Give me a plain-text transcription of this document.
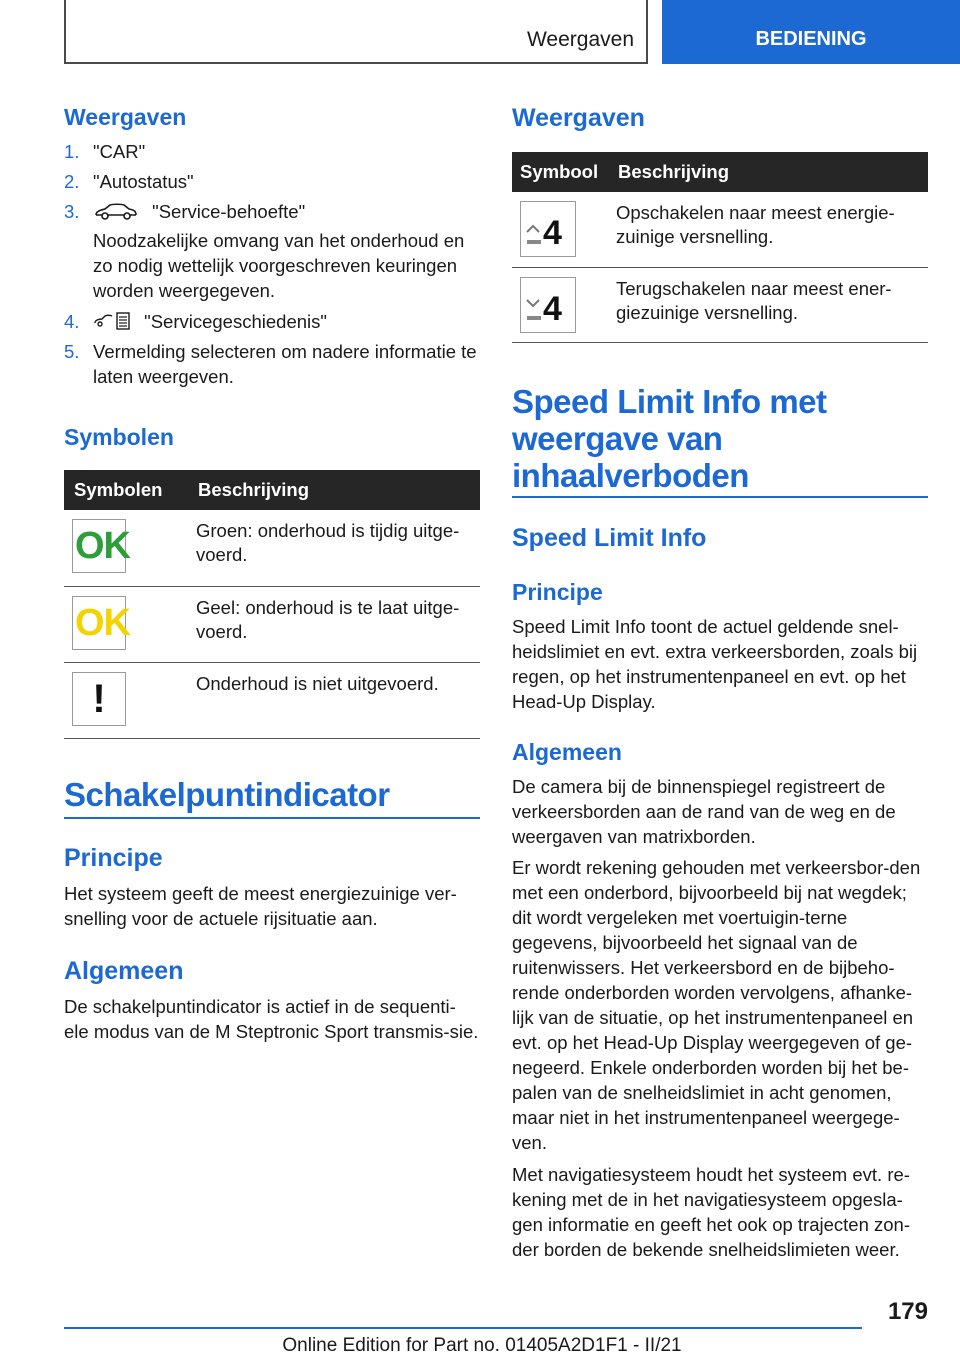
Weergaven	BEDIENING
Weergaven
1. "CAR"
2. "Autostatus"
3.	"Service-behoefte"
Noodzakelijke omvang van het onderhoud en zo nodig wettelijk voorgeschreven keuringen worden weergegeven.
4.	"Servicegeschiedenis"
5. Vermelding selecteren om nadere informatie te laten weergeven.
Symbolen
Symbolen	Beschrijving

OK	Groen: onderhoud is tijdig uitge-voerd.

OK	Geel: onderhoud is te laat uitge-voerd.

!	Onderhoud is niet uitgevoerd.
Schakelpuntindicator
Principe

Het systeem geeft de meest energiezuinige ver-snelling voor de actuele rijsituatie aan.

Algemeen

De schakelpuntindicator is actief in de sequenti-ele modus van de M Steptronic Sport transmis-sie.

Weergaven
Symbool	Beschrijving

4	Opschakelen naar meest energie-zuinige versnelling.

4	Terugschakelen naar meest ener-giezuinige versnelling.
Speed Limit Info met weergave van inhaalverboden
Speed Limit Info
Principe

Speed Limit Info toont de actuel geldende snel-heidslimiet en evt. extra verkeersborden, zoals bij regen, op het instrumentenpaneel en evt. op het Head-Up Display.

Algemeen

De camera bij de binnenspiegel registreert de verkeersborden aan de rand van de weg en de weergaven van matrixborden.

Er wordt rekening gehouden met verkeersbor-den met een onderbord, bijvoorbeeld bij nat wegdek; dit wordt vergeleken met voertuigin-terne gegevens, bijvoorbeeld het signaal van de ruitenwissers. Het verkeersbord en de bijbeho-rende onderborden worden vervolgens, afhanke-lijk van de situatie, op het instrumentenpaneel en evt. op het Head-Up Display weergegeven of ge-negeerd. Enkele onderborden worden bij het be-palen van de snelheidslimiet in acht genomen, maar niet in het instrumentenpaneel weergege-ven.

Met navigatiesysteem houdt het systeem evt. re-kening met de in het navigatiesysteem opgesla-gen informatie en geeft het ook op trajecten zon-der borden de bekende snelheidslimieten weer.

179
Online Edition for Part no. 01405A2D1F1 - II/21
